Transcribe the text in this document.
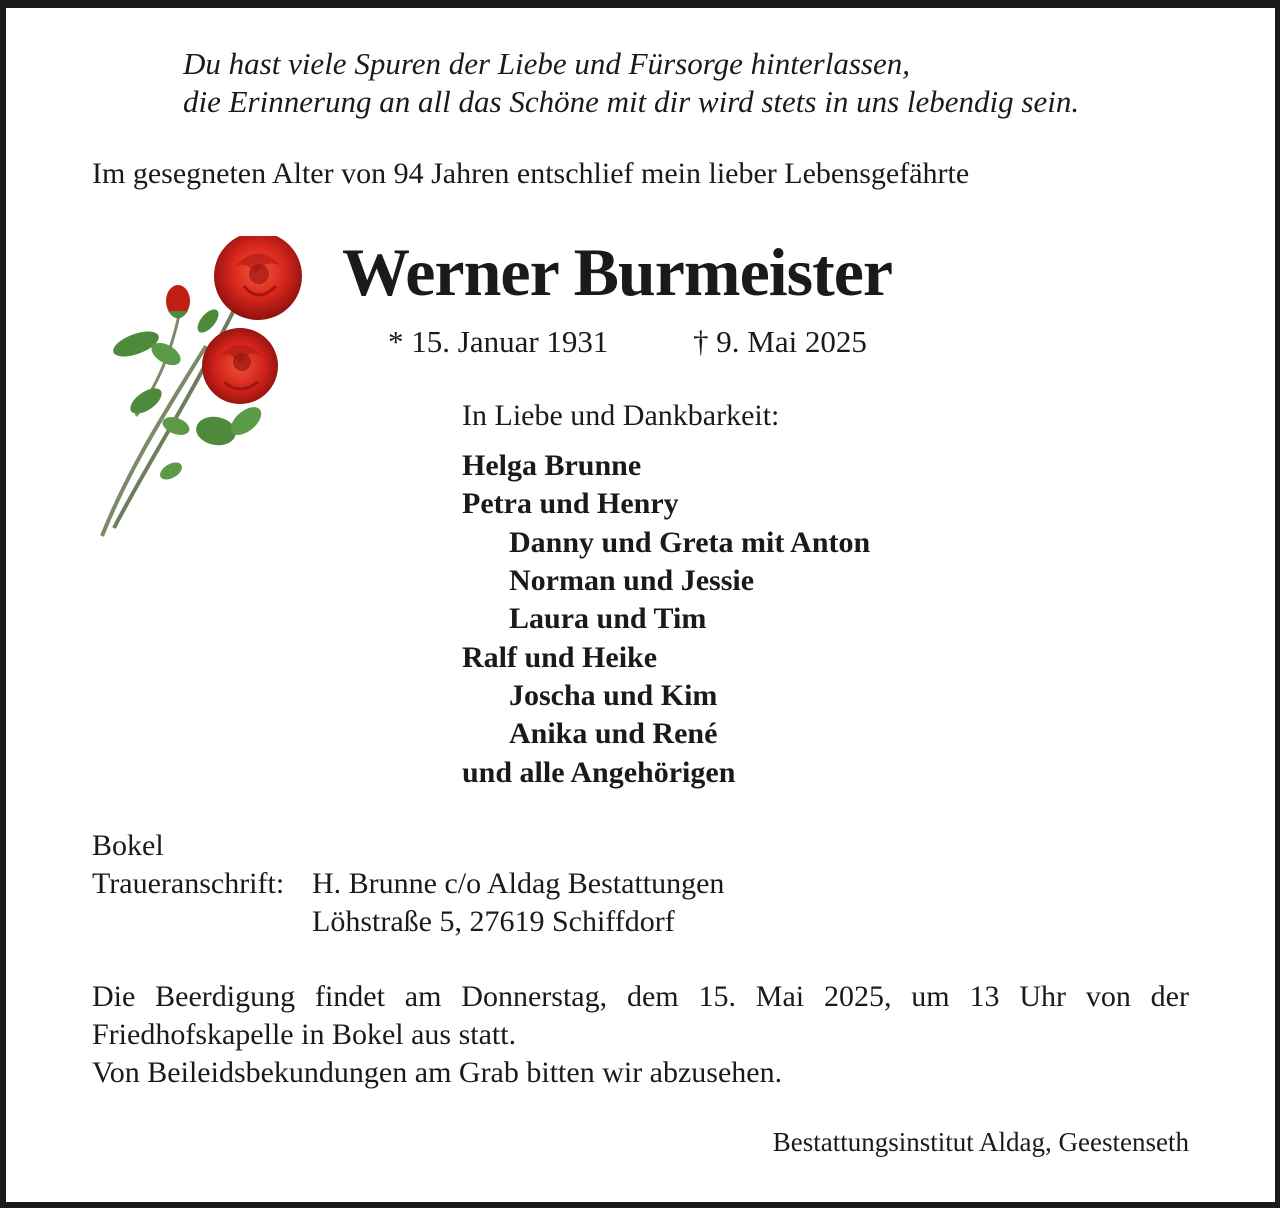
Du hast viele Spuren der Liebe und Fürsorge hinterlassen,
die Erinnerung an all das Schöne mit dir wird stets in uns lebendig sein.
Im gesegneten Alter von 94 Jahren entschlief mein lieber Lebensgefährte
Werner Burmeister
* 15. Januar 1931	† 9. Mai 2025
In Liebe und Dankbarkeit:
Helga Brunne
Petra und Henry
Danny und Greta mit Anton
Norman und Jessie
Laura und Tim
Ralf und Heike
Joscha und Kim
Anika und René
und alle Angehörigen
Bokel
Traueranschrift: H. Brunne c/o Aldag Bestattungen
Löhstraße 5, 27619 Schiffdorf
Die Beerdigung findet am Donnerstag, dem 15. Mai 2025, um 13 Uhr von der
Friedhofskapelle in Bokel aus statt.
Von Beileidsbekundungen am Grab bitten wir abzusehen.
Bestattungsinstitut Aldag, Geestenseth
